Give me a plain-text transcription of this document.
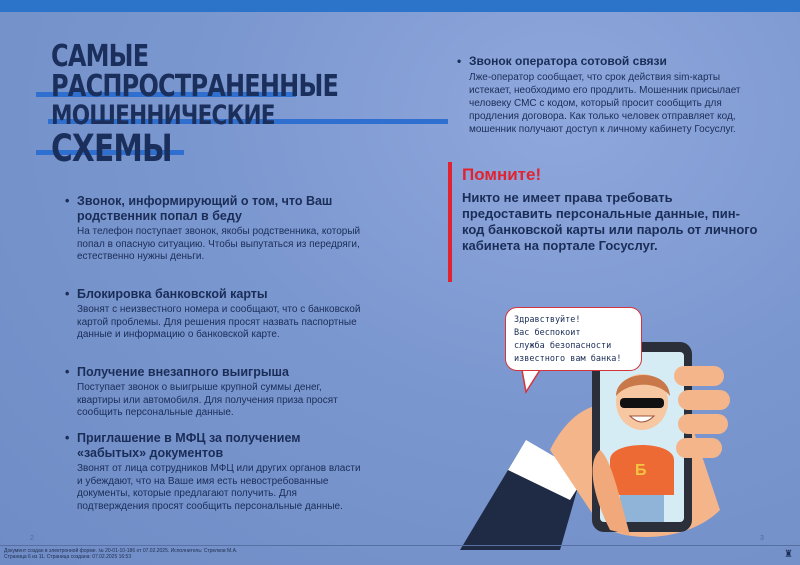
САМЫЕ
РАСПРОСТРАНЕННЫЕ
МОШЕННИЧЕСКИЕ
СХЕМЫ
• Звонок, информирующий о том, что Ваш родственник попал в беду
На телефон поступает звонок, якобы родственника, который попал в опасную ситуацию. Чтобы выпутаться из передряги, естественно нужны деньги.
• Блокировка банковской карты
Звонят с неизвестного номера и сообщают, что с банковской картой проблемы. Для решения просят назвать паспортные данные и информацию о банковской карте.
• Получение внезапного выигрыша
Поступает звонок о выигрыше крупной суммы денег, квартиры или автомобиля. Для получения приза просят сообщить персональные данные.
• Приглашение в МФЦ за получением «забытых» документов
Звонят от лица сотрудников МФЦ или других органов власти и убеждают, что на Ваше имя есть невостребованные документы, которые предлагают получить. Для подтверждения просят сообщить персональные данные.
• Звонок оператора сотовой связи
Лже-оператор сообщает, что срок действия sim-карты истекает, необходимо его продлить. Мошенник присылает человеку СМС с кодом, который просит сообщить для продления договора. Как только человек отправляет код, мошенник получают доступ к личному кабинету Госуслуг.
Помните!
Никто не имеет права требовать предоставить персональные данные, пин-код банковской карты или пароль от личного кабинета на портале Госуслуг.
Б
Здравствуйте!
Вас беспокоит
служба безопасности
известного вам банка!
2	3
Документ создан в электронной форме. № 20-01-10-186 от 07.02.2025. Исполнитель: Стрелков М.А.
Страница 6 из 11. Страница создана: 07.02.2025 16:53	♜
